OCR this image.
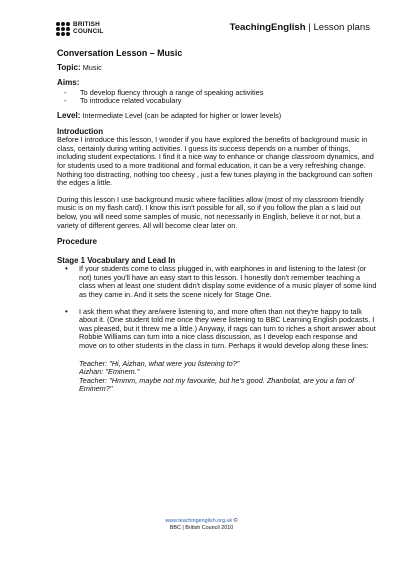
BRITISH
COUNCIL	TeachingEnglish | Lesson plans
Conversation Lesson – Music
Topic: Music
Aims:
- To develop fluency through a range of speaking activities
- To introduce related vocabulary
Level: Intermediate Level (can be adapted for higher or lower levels)
Introduction

Before I introduce this lesson, I wonder if you have explored the benefits of background music in class, certainly during writing activities. I guess its success depends on a number of things, including student expectations. I find it a nice way to enhance or change classroom dynamics, and for students used to a more traditional and formal education, it can be a very refreshing change. Nothing too distracting, nothing too cheesy , just a few tunes playing in the background can soften the edges a little.

During this lesson I use background music where facilities allow (most of my classroom friendly music is on my flash card). I know this isn't possible for all, so if you follow the plan a s laid out below, you will need some samples of music, not necessarily in English, believe it or not, but a variety of different genres. All will become clear later on.

Procedure
Stage 1 Vocabulary and Lead In
• If your students come to class plugged in, with earphones in and listening to the latest (or not) tunes you'll have an easy start to this lesson. I honestly don't remember teaching a class when at least one student didn't display some evidence of a music player of some kind as they came in. And it sets the scene nicely for Stage One.
• I ask them what they are/were listening to, and more often than not they're happy to talk about it. (One student told me once they were listening to BBC Learning English podcasts. I was pleased, but it threw me a little.) Anyway, if rags can turn to riches a short answer about Robbie Williams can turn into a nice class discussion, as I develop each response and move on to other students in the class in turn. Perhaps it would develop along these lines:
Teacher: "Hi, Aizhan, what were you listening to?"
Aizhan: "Eminem."
Teacher: "Hmmm, maybe not my favourite, but he's good. Zhanbolat, are you a fan of
Eminem?"
www.teachingenglish.org.uk ©
BBC | British Council 2010
